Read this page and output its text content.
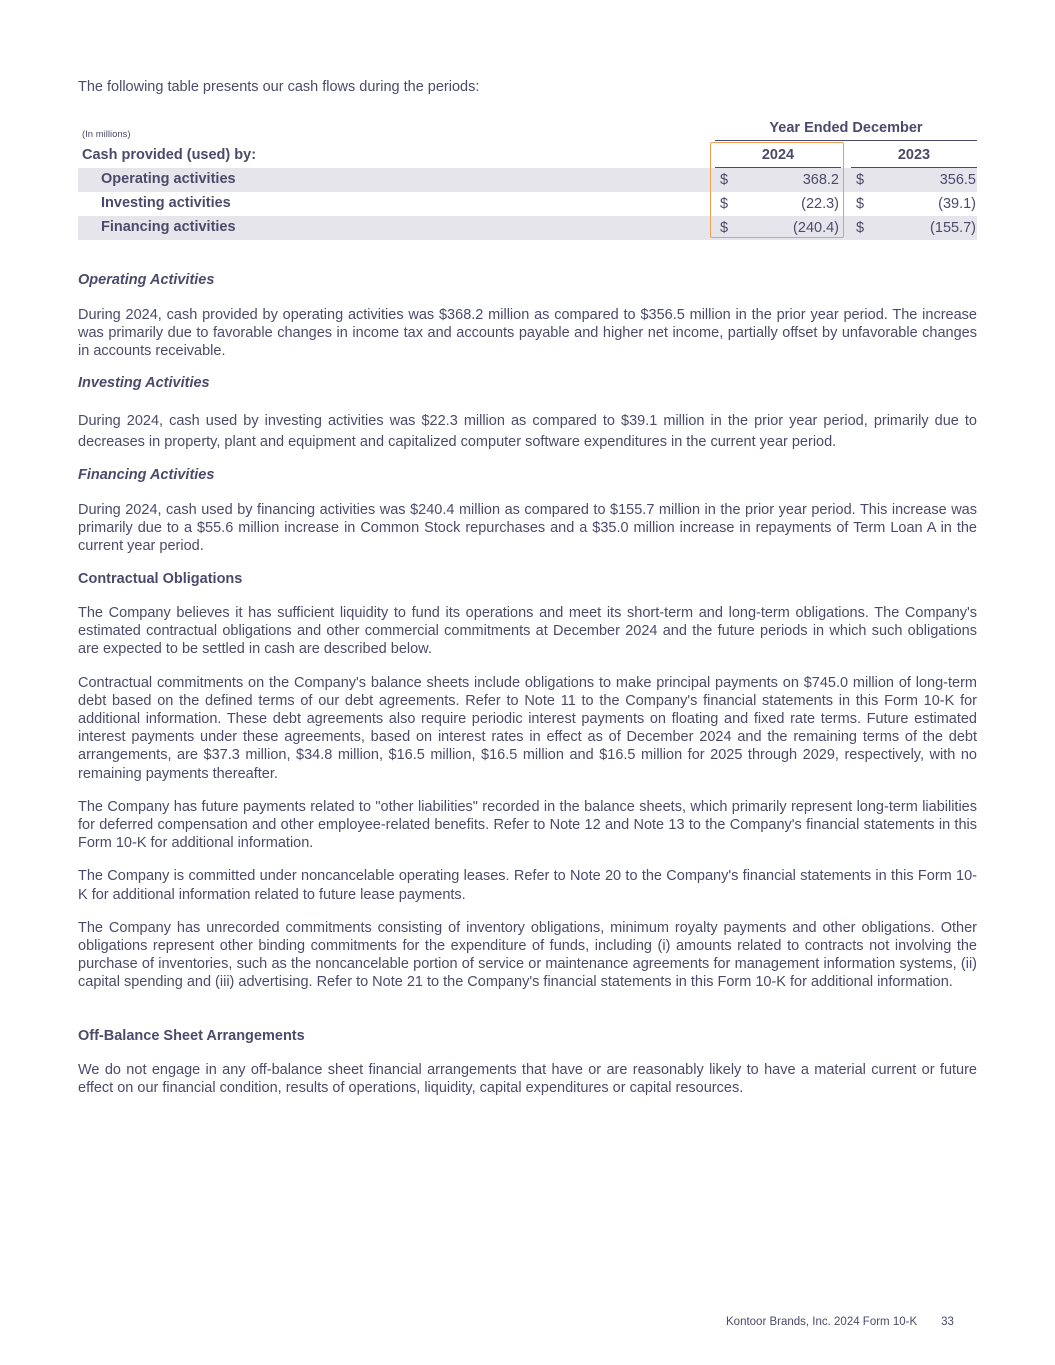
The following table presents our cash flows during the periods:
(In millions)	Year Ended December
Cash provided (used) by:	2024	2023
Operating activities	$	368.2 $	356.5
Investing activities	$	(22.3) $	(39.1)
Financing activities	$	(240.4) $	(155.7)
Operating Activities

During 2024, cash provided by operating activities was $368.2 million as compared to $356.5 million in the prior year period. The increase was primarily due to favorable changes in income tax and accounts payable and higher net income, partially offset by unfavorable changes in accounts receivable.

Investing Activities

During 2024, cash used by investing activities was $22.3 million as compared to $39.1 million in the prior year period, primarily due to decreases in property, plant and equipment and capitalized computer software expenditures in the current year period.

Financing Activities

During 2024, cash used by financing activities was $240.4 million as compared to $155.7 million in the prior year period. This increase was primarily due to a $55.6 million increase in Common Stock repurchases and a $35.0 million increase in repayments of Term Loan A in the current year period.

Contractual Obligations

The Company believes it has sufficient liquidity to fund its operations and meet its short-term and long-term obligations. The Company's estimated contractual obligations and other commercial commitments at December 2024 and the future periods in which such obligations are expected to be settled in cash are described below.

Contractual commitments on the Company's balance sheets include obligations to make principal payments on $745.0 million of long-term debt based on the defined terms of our debt agreements. Refer to Note 11 to the Company's financial statements in this Form 10-K for additional information. These debt agreements also require periodic interest payments on floating and fixed rate terms. Future estimated interest payments under these agreements, based on interest rates in effect as of December 2024 and the remaining terms of the debt arrangements, are $37.3 million, $34.8 million, $16.5 million, $16.5 million and $16.5 million for 2025 through 2029, respectively, with no remaining payments thereafter.

The Company has future payments related to "other liabilities" recorded in the balance sheets, which primarily represent long-term liabilities for deferred compensation and other employee-related benefits. Refer to Note 12 and Note 13 to the Company's financial statements in this Form 10-K for additional information.

The Company is committed under noncancelable operating leases. Refer to Note 20 to the Company's financial statements in this Form 10-K for additional information related to future lease payments.

The Company has unrecorded commitments consisting of inventory obligations, minimum royalty payments and other obligations. Other obligations represent other binding commitments for the expenditure of funds, including (i) amounts related to contracts not involving the purchase of inventories, such as the noncancelable portion of service or maintenance agreements for management information systems, (ii) capital spending and (iii) advertising. Refer to Note 21 to the Company's financial statements in this Form 10-K for additional information.

Off-Balance Sheet Arrangements

We do not engage in any off-balance sheet financial arrangements that have or are reasonably likely to have a material current or future effect on our financial condition, results of operations, liquidity, capital expenditures or capital resources.

Kontoor Brands, Inc. 2024 Form 10-K 33
